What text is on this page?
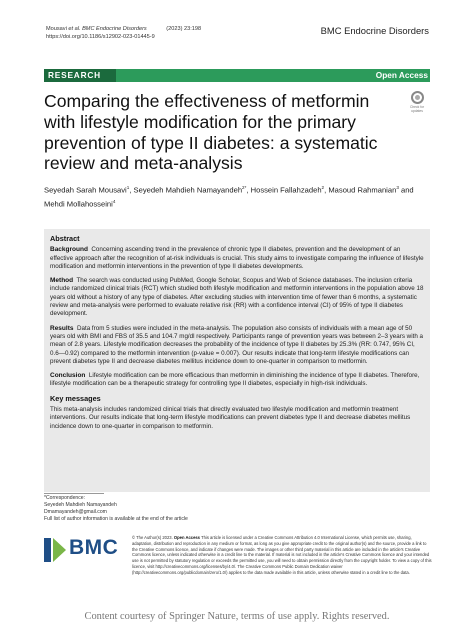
Mousavi et al. BMC Endocrine Disorders	(2023) 23:198
https://doi.org/10.1186/s12902-023-01445-9
BMC Endocrine Disorders
RESEARCH	Open Access
Comparing the effectiveness of metformin with lifestyle modification for the primary prevention of type II diabetes: a systematic review and meta-analysis
Check for updates
Seyedah Sarah Mousavi$^1$, Seyedeh Mahdieh Namayandeh$^{2*}$, Hossein Fallahzadeh$^2$, Masoud Rahmanian$^3$ and Mehdi Mollahosseini$^4$
Abstract

Background Concerning ascending trend in the prevalence of chronic type II diabetes, prevention and the development of an effective approach after the recognition of at-risk individuals is crucial. This study aims to investigate comparing the influence of lifestyle modification and metformin interventions in the prevention of type II diabetes developments.

Method The search was conducted using PubMed, Google Scholar, Scopus and Web of Science databases. The inclusion criteria include randomized clinical trials (RCT) which studied both lifestyle modification and metformin interventions in the population above 18 years old without a history of any type of diabetes. After excluding studies with intervention time of fewer than 6 months, a systematic review and meta-analysis were performed to evaluate relative risk (RR) with a confidence interval (CI) of 95% of type II diabetes development.

Results Data from 5 studies were included in the meta-analysis. The population also consists of individuals with a mean age of 50 years old with BMI and FBS of 35.5 and 104.7 mg/dl respectively. Participants range of prevention years was between 2–3 years with a mean of 2.8 years. Lifestyle modification decreases the probability of the incidence of type II diabetes by 25.3% (RR: 0.747, 95% CI, 0.6—0.92) compared to the metformin intervention (p-value = 0.007). Our results indicate that long-term lifestyle modifications can prevent diabetes type II and decrease diabetes mellitus incidence down to one-quarter in comparison to metformin.

Conclusion Lifestyle modification can be more efficacious than metformin in diminishing the incidence of type II diabetes. Therefore, lifestyle modification can be a therapeutic strategy for controlling type II diabetes, especially in high-risk individuals.

Key messages

This meta-analysis includes randomized clinical trials that directly evaluated two lifestyle modification and metformin treatment interventions. Our results indicate that long-term lifestyle modifications can prevent diabetes type II and decrease diabetes mellitus incidence down to one-quarter in comparison to metformin.

*Correspondence:
Seyedeh Mahdieh Namayandeh
Dmamayandeh@gmail.com
Full list of author information is available at the end of the article
BMC	© The Author(s) 2023. Open Access This article is licensed under a Creative Commons Attribution 4.0 International License, which permits use, sharing, adaptation, distribution and reproduction in any medium or format, as long as you give appropriate credit to the original author(s) and the source, provide a link to the Creative Commons licence, and indicate if changes were made. The images or other third party material in this article are included in the article's Creative Commons licence, unless indicated otherwise in a credit line to the material. If material is not included in the article's Creative Commons licence and your intended use is not permitted by statutory regulation or exceeds the permitted use, you will need to obtain permission directly from the copyright holder. To view a copy of this licence, visit http://creativecommons.org/licenses/by/4.0/. The Creative Commons Public Domain Dedication waiver (http://creativecommons.org/publicdomain/zero/1.0/) applies to the data made available in this article, unless otherwise stated in a credit line to the data.
Content courtesy of Springer Nature, terms of use apply. Rights reserved.
